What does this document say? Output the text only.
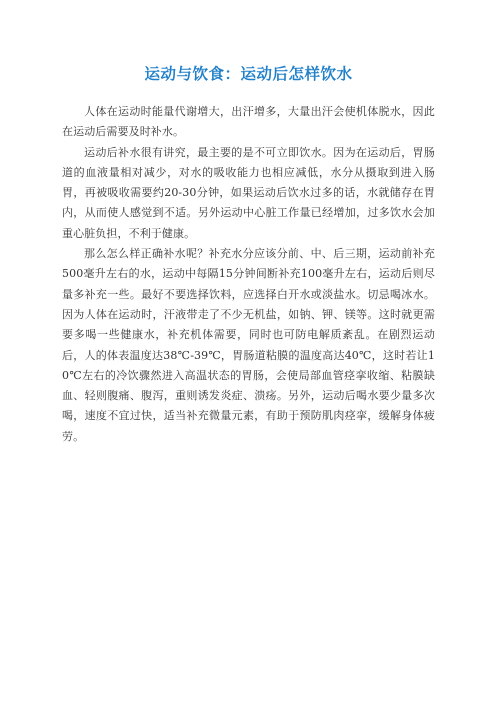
运动与饮食：运动后怎样饮水

人体在运动时能量代谢增大，出汗增多，大量出汗会使机体脱水，因此在运动后需要及时补水。

运动后补水很有讲究，最主要的是不可立即饮水。因为在运动后，胃肠道的血液量相对减少，对水的吸收能力也相应减低，水分从摄取到进入肠胃，再被吸收需要约20-30分钟，如果运动后饮水过多的话，水就储存在胃内，从而使人感觉到不适。另外运动中心脏工作量已经增加，过多饮水会加重心脏负担，不利于健康。

那么怎么样正确补水呢？补充水分应该分前、中、后三期，运动前补充500毫升左右的水，运动中每隔15分钟间断补充100毫升左右，运动后则尽量多补充一些。最好不要选择饮料，应选择白开水或淡盐水。切忌喝冰水。因为人体在运动时，汗液带走了不少无机盐，如钠、钾、镁等。这时就更需要多喝一些健康水，补充机体需要，同时也可防电解质紊乱。在剧烈运动后，人的体表温度达38℃-39℃，胃肠道粘膜的温度高达40℃，这时若让10℃左右的冷饮骤然进入高温状态的胃肠，会使局部血管痉挛收缩、粘膜缺血、轻则腹痛、腹泻，重则诱发炎症、溃疡。另外，运动后喝水要少量多次喝，速度不宜过快，适当补充微量元素，有助于预防肌肉痉挛，缓解身体疲劳。
